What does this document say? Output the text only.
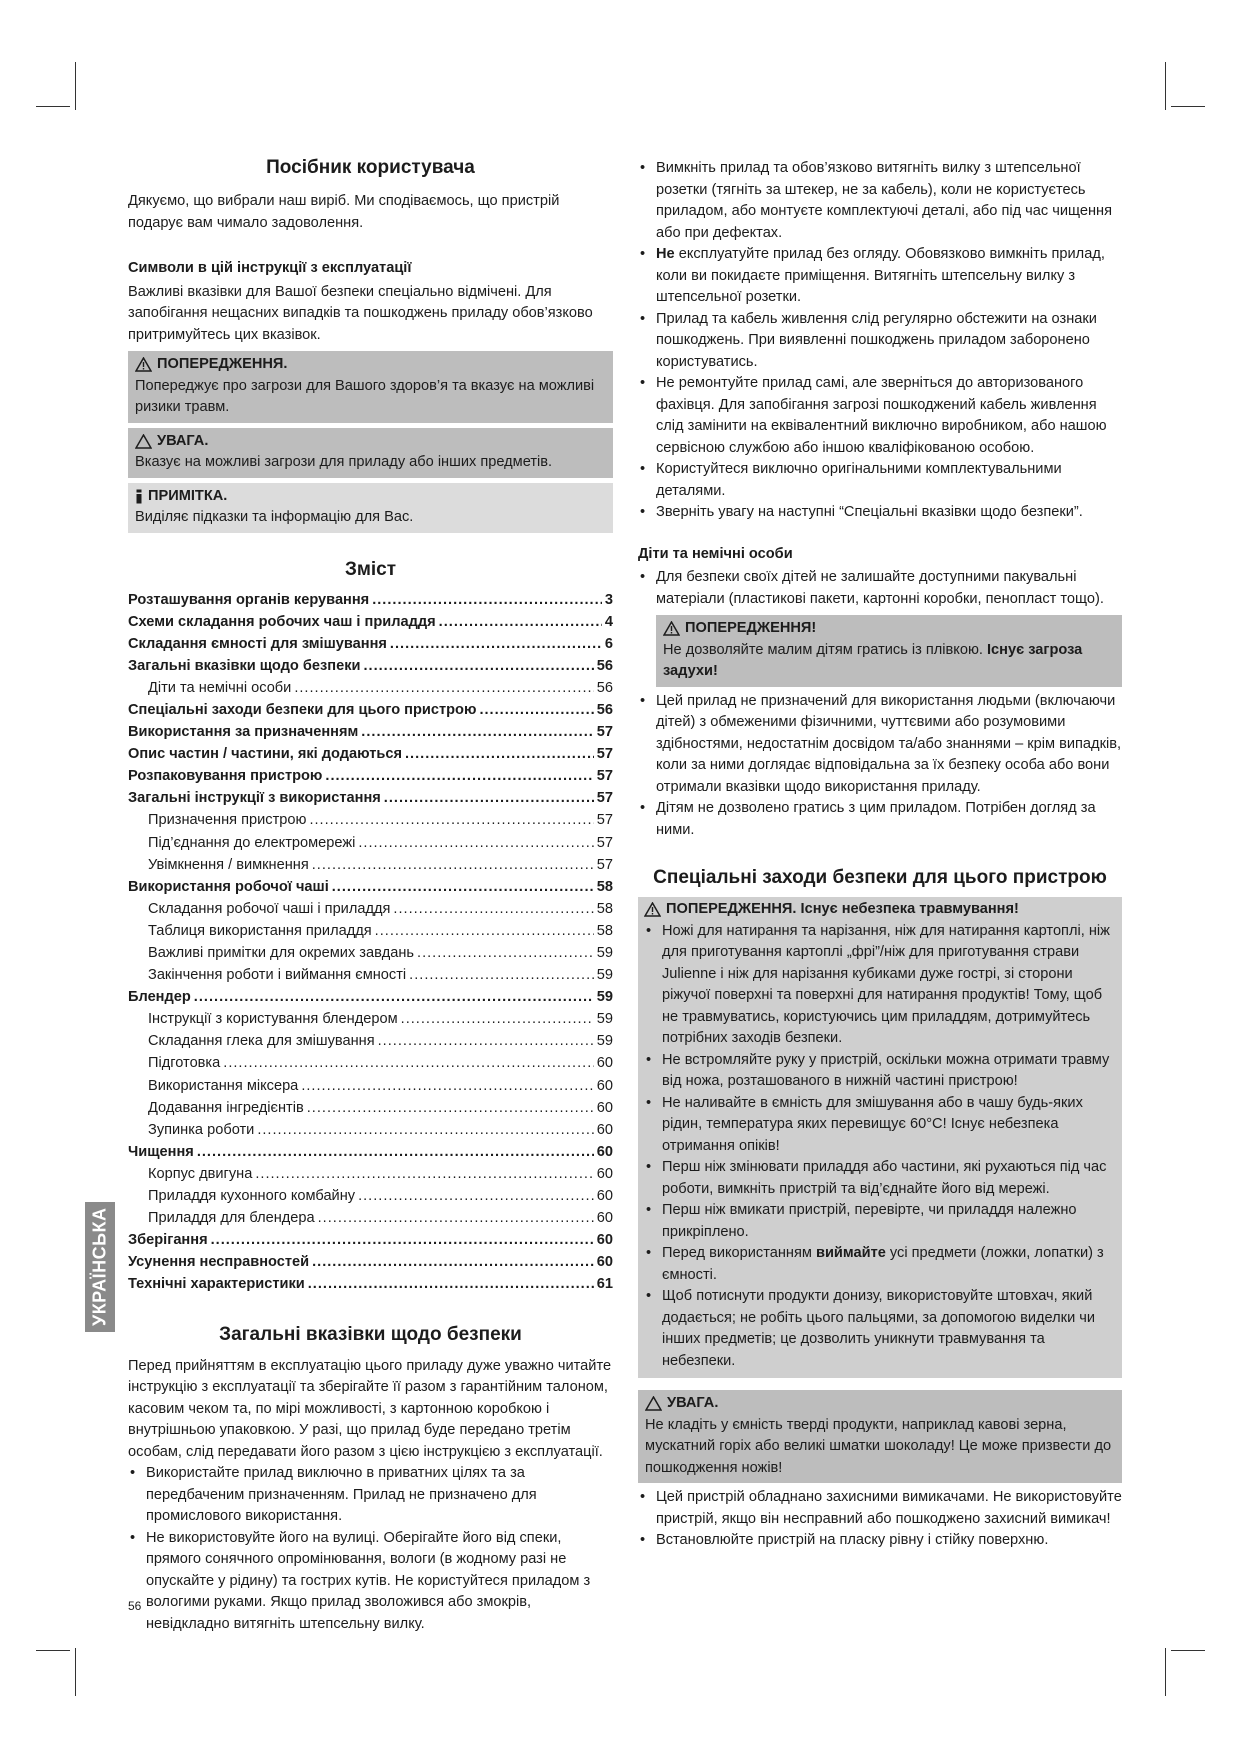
Посібник користувача

Дякуємо, що вибрали наш виріб. Ми сподіваємось, що пристрій подарує вам чимало задоволення.

Символи в цій інструкції з експлуатації

Важливі вказівки для Вашої безпеки спеціально відмічені. Для запобігання нещасних випадків та пошкоджень приладу обов’язково притримуйтесь цих вказівок.

ПОПЕРЕДЖЕННЯ.

Попереджує про загрози для Вашого здоров’я та вказує на можливі ризики травм.

УВАГА.

Вказує на можливі загрози для приладу або інших предметів.

ПРИМІТКА.

Виділяє підказки та інформацію для Вас.

Зміст
Розташування органів керування .....	3
Схеми складання робочих чаш і приладдя .....	4
Складання ємності для змішування .....	6
Загальні вказівки щодо безпеки .....	56
Діти та немічні особи .....	56
Спеціальні заходи безпеки для цього пристрою .....	56
Використання за призначенням .....	57
Опис частин / частини, які додаються .....	57
Розпаковування пристрою .....	57
Загальні інструкції з використання .....	57
Призначення пристрою .....	57
Під’єднання до електромережі .....	57
Увімкнення / вимкнення .....	57
Використання робочої чаші .....	58
Складання робочої чаші і приладдя .....	58
Таблиця використання приладдя .....	58
Важливі примітки для окремих завдань .....	59
Закінчення роботи і виймання ємності .....	59
Блендер .....	59
Інструкції з користування блендером .....	59
Складання глека для змішування .....	59
Підготовка .....	60
Використання міксера .....	60
Додавання інгредієнтів .....	60
Зупинка роботи .....	60
Чищення .....	60
Корпус двигуна .....	60
Приладдя кухонного комбайну .....	60
Приладдя для блендера .....	60
Зберігання .....	60
Усунення несправностей .....	60
Технічні характеристики .....	61
Загальні вказівки щодо безпеки

Перед прийняттям в експлуатацію цього приладу дуже уважно читайте інструкцію з експлуатації та зберігайте її разом з гарантійним талоном, касовим чеком та, по мірі можливості, з картонною коробкою і внутрішньою упаковкою. У разі, що прилад буде передано третім особам, слід передавати його разом з цією інструкцією з експлуатації.

• Використайте прилад виключно в приватних цілях та за передбаченим призначенням. Прилад не призначено для промислового використання.
• Не використовуйте його на вулиці. Оберігайте його від спеки, прямого сонячного опромінювання, вологи (в жодному разі не опускайте у рідину) та гострих кутів. Не користуйтеся приладом з вологими руками. Якщо прилад зволожився або змокрів, невідкладно витягніть штепсельну вилку.
• Вимкніть прилад та обов’язково витягніть вилку з штепсельної розетки (тягніть за штекер, не за кабель), коли не користуєтесь приладом, або монтуєте комплектуючі деталі, або під час чищення або при дефектах.
• Не експлуатуйте прилад без огляду. Обовязково вимкніть прилад, коли ви покидаєте приміщення. Витягніть штепсельну вилку з штепсельної розетки.
• Прилад та кабель живлення слід регулярно обстежити на ознаки пошкоджень. При виявленні пошкоджень приладом заборонено користуватись.
• Не ремонтуйте прилад самі, але зверніться до авторизованого фахівця. Для запобігання загрозі пошкоджений кабель живлення слід замінити на еквівалентний виключно виробником, або нашою сервісною службою або іншою кваліфікованою особою.
• Користуйтеся виключно оригінальними комплектувальними деталями.
• Зверніть увагу на наступні “Спеціальні вказівки щодо безпеки”.
Діти та немічні особи
• Для безпеки своїх дітей не залишайте доступними пакувальні матеріали (пластикові пакети, картонні коробки, пенопласт тощо).
ПОПЕРЕДЖЕННЯ!

Не дозволяйте малим дітям гратись із плівкою. Існує загроза задухи!

• Цей прилад не призначений для використання людьми (включаючи дітей) з обмеженими фізичними, чуттєвими або розумовими здібностями, недостатнім досвідом та/або знаннями – крім випадків, коли за ними доглядає відповідальна за їх безпеку особа або вони отримали вказівки щодо використання приладу.
• Дітям не дозволено гратись з цим приладом. Потрібен догляд за ними.
Спеціальні заходи безпеки для цього пристрою
ПОПЕРЕДЖЕННЯ. Існує небезпека травмування!
• Ножі для натирання та нарізання, ніж для натирання картоплі, ніж для приготування картоплі „фрі”/ніж для приготування страви Julienne і ніж для нарізання кубиками дуже гострі, зі сторони ріжучої поверхні та поверхні для натирання продуктів! Тому, щоб не травмуватись, користуючись цим приладдям, дотримуйтесь потрібних заходів безпеки.
• Не встромляйте руку у пристрій, оскільки можна отримати травму від ножа, розташованого в нижній частині пристрою!
• Не наливайте в ємність для змішування або в чашу будь-яких рідин, температура яких перевищує 60°C! Існує небезпека отримання опіків!
• Перш ніж змінювати приладдя або частини, які рухаються під час роботи, вимкніть пристрій та від’єднайте його від мережі.
• Перш ніж вмикати пристрій, перевірте, чи приладдя належно прикріплено.
• Перед використанням виймайте усі предмети (ложки, лопатки) з ємності.
• Щоб потиснути продукти донизу, використовуйте штовхач, який додається; не робіть цього пальцями, за допомогою виделки чи інших предметів; це дозволить уникнути травмування та небезпеки.
УВАГА.

Не кладіть у ємність тверді продукти, наприклад кавові зерна, мускатний горіх або великі шматки шоколаду! Це може призвести до пошкодження ножів!

• Цей пристрій обладнано захисними вимикачами. Не використовуйте пристрій, якщо він несправний або пошкоджено захисний вимикач!
• Встановлюйте пристрій на пласку рівну і стійку поверхню.
УКРАЇНСЬКА
56
